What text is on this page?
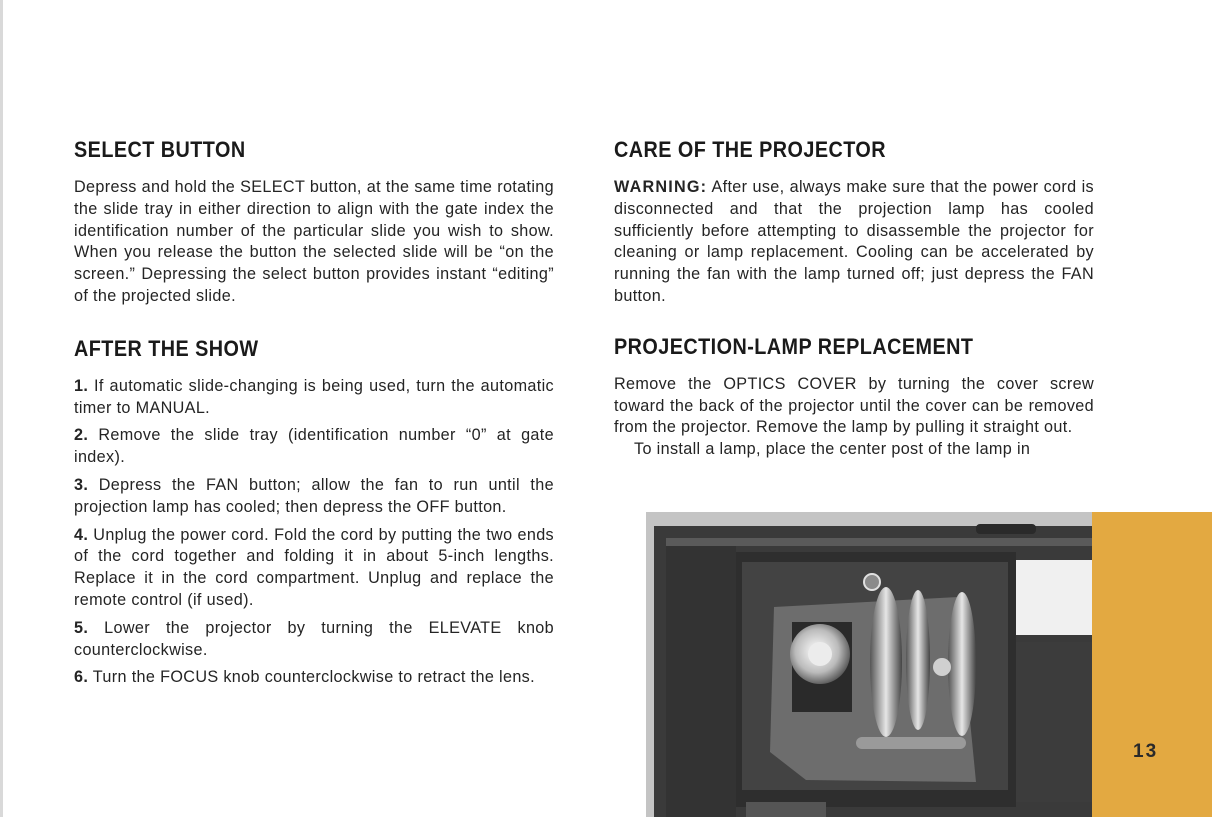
SELECT BUTTON

Depress and hold the SELECT button, at the same time rotating the slide tray in either direction to align with the gate index the identification number of the particular slide you wish to show. When you release the button the selected slide will be “on the screen.” Depressing the select button provides instant “editing” of the projected slide.

AFTER THE SHOW

1. If automatic slide-changing is being used, turn the automatic timer to MANUAL.

2. Remove the slide tray (identification number “0” at gate index).

3. Depress the FAN button; allow the fan to run until the projection lamp has cooled; then depress the OFF button.

4. Unplug the power cord. Fold the cord by putting the two ends of the cord together and folding it in about 5-inch lengths. Replace it in the cord compartment. Unplug and replace the remote control (if used).

5. Lower the projector by turning the ELEVATE knob counterclockwise.

6. Turn the FOCUS knob counterclockwise to retract the lens.

CARE OF THE PROJECTOR

WARNING: After use, always make sure that the power cord is disconnected and that the projection lamp has cooled sufficiently before attempting to disassemble the projector for cleaning or lamp replacement. Cooling can be accelerated by running the fan with the lamp turned off; just depress the FAN button.

PROJECTION-LAMP REPLACEMENT

Remove the OPTICS COVER by turning the cover screw toward the back of the projector until the cover can be removed from the projector. Remove the lamp by pulling it straight out.

To install a lamp, place the center post of the lamp in

13
